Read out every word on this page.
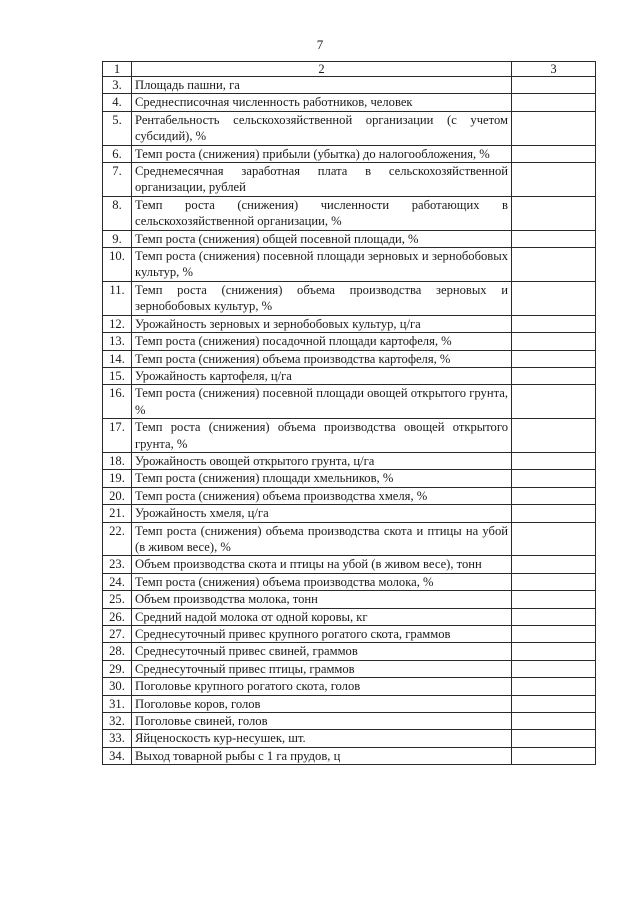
7
1	2	3
3.	Площадь пашни, га	
4.	Среднесписочная численность работников, человек	
5.	Рентабельность сельскохозяйственной организации (с учетом субсидий), %	
6.	Темп роста (снижения) прибыли (убытка) до налогообложения, %	
7.	Среднемесячная заработная плата в сельскохозяйственной организации, рублей	
8.	Темп роста (снижения) численности работающих в сельскохозяйственной организации, %	
9.	Темп роста (снижения) общей посевной площади, %	
10.	Темп роста (снижения) посевной площади зерновых и зернобобовых культур, %	
11.	Темп роста (снижения) объема производства зерновых и зернобобовых культур, %	
12.	Урожайность зерновых и зернобобовых культур, ц/га	
13.	Темп роста (снижения) посадочной площади картофеля, %	
14.	Темп роста (снижения) объема производства картофеля, %	
15.	Урожайность картофеля, ц/га	
16.	Темп роста (снижения) посевной площади овощей открытого грунта, %	
17.	Темп роста (снижения) объема производства овощей открытого грунта, %	
18.	Урожайность овощей открытого грунта, ц/га	
19.	Темп роста (снижения) площади хмельников, %	
20.	Темп роста (снижения) объема производства хмеля, %	
21.	Урожайность хмеля, ц/га	
22.	Темп роста (снижения) объема производства скота и птицы на убой (в живом весе), %	
23.	Объем производства скота и птицы на убой (в живом весе), тонн	
24.	Темп роста (снижения) объема производства молока, %	
25.	Объем производства молока, тонн	
26.	Средний надой молока от одной коровы, кг	
27.	Среднесуточный привес крупного рогатого скота, граммов	
28.	Среднесуточный привес свиней, граммов	
29.	Среднесуточный привес птицы, граммов	
30.	Поголовье крупного рогатого скота, голов	
31.	Поголовье коров, голов	
32.	Поголовье свиней, голов	
33.	Яйценоскость кур-несушек, шт.	
34.	Выход товарной рыбы с 1 га прудов, ц	
